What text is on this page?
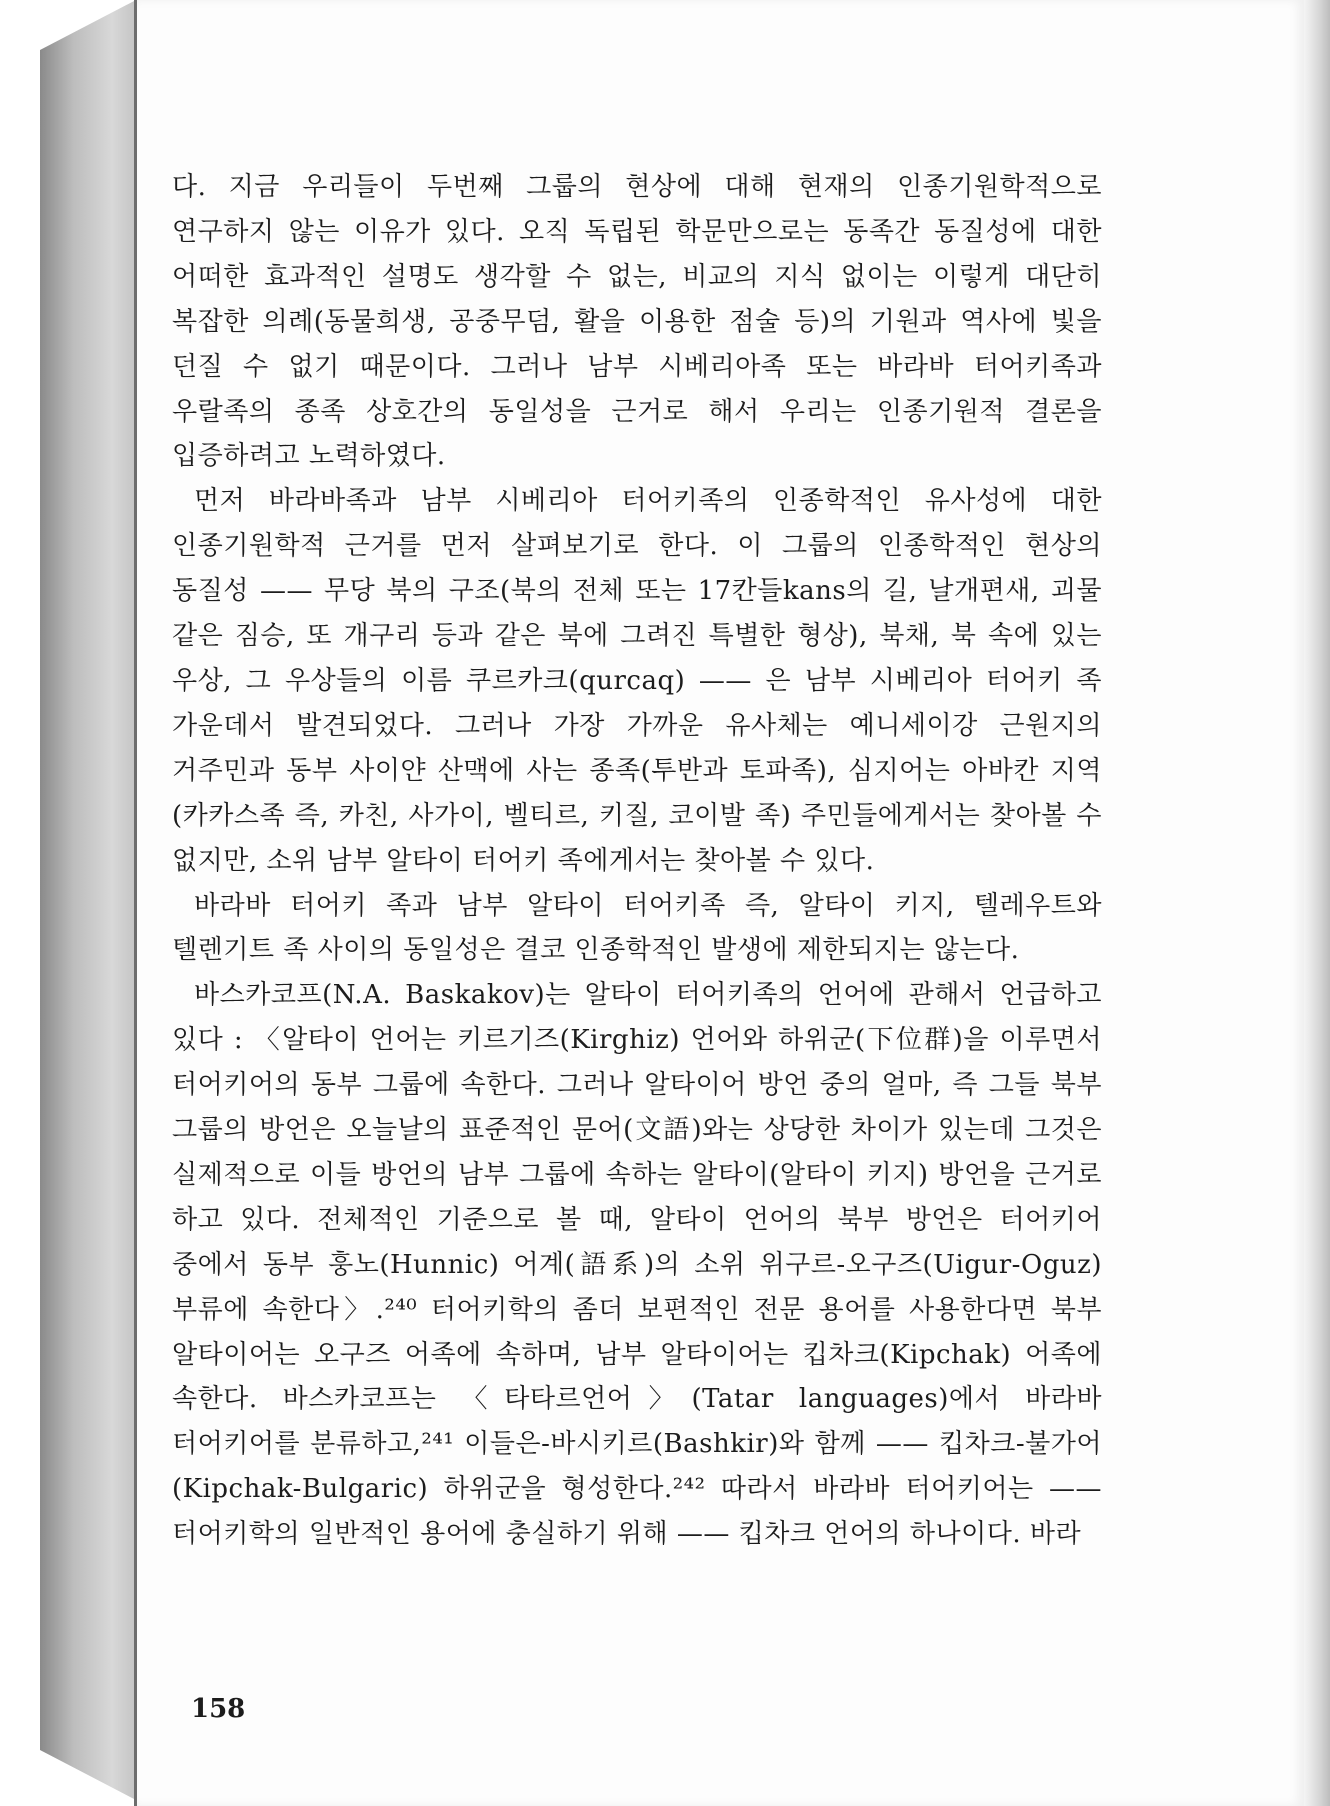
다. 지금 우리들이 두번째 그룹의 현상에 대해 현재의 인종기원학적으로 연구하지 않는 이유가 있다. 오직 독립된 학문만으로는 동족간 동질성에 대한 어떠한 효과적인 설명도 생각할 수 없는, 비교의 지식 없이는 이렇게 대단히 복잡한 의례(동물희생, 공중무덤, 활을 이용한 점술 등)의 기원과 역사에 빛을 던질 수 없기 때문이다. 그러나 남부 시베리아족 또는 바라바 터어키족과 우랄족의 종족 상호간의 동일성을 근거로 해서 우리는 인종기원적 결론을 입증하려고 노력하였다.

먼저 바라바족과 남부 시베리아 터어키족의 인종학적인 유사성에 대한 인종기원학적 근거를 먼저 살펴보기로 한다. 이 그룹의 인종학적인 현상의 동질성 —— 무당 북의 구조(북의 전체 또는 17칸들kans의 길, 날개편새, 괴물 같은 짐승, 또 개구리 등과 같은 북에 그려진 특별한 형상), 북채, 북 속에 있는 우상, 그 우상들의 이름 쿠르카크(qurcaq) —— 은 남부 시베리아 터어키 족 가운데서 발견되었다. 그러나 가장 가까운 유사체는 예니세이강 근원지의 거주민과 동부 사이얀 산맥에 사는 종족(투반과 토파족), 심지어는 아바칸 지역 (카카스족 즉, 카친, 사가이, 벨티르, 키질, 코이발 족) 주민들에게서는 찾아볼 수 없지만, 소위 남부 알타이 터어키 족에게서는 찾아볼 수 있다.

바라바 터어키 족과 남부 알타이 터어키족 즉, 알타이 키지, 텔레우트와 텔렌기트 족 사이의 동일성은 결코 인종학적인 발생에 제한되지는 않는다.

바스카코프(N.A. Baskakov)는 알타이 터어키족의 언어에 관해서 언급하고 있다 : 〈알타이 언어는 키르기즈(Kirghiz) 언어와 하위군(下位群)을 이루면서 터어키어의 동부 그룹에 속한다. 그러나 알타이어 방언 중의 얼마, 즉 그들 북부 그룹의 방언은 오늘날의 표준적인 문어(文語)와는 상당한 차이가 있는데 그것은 실제적으로 이들 방언의 남부 그룹에 속하는 알타이(알타이 키지) 방언을 근거로 하고 있다. 전체적인 기준으로 볼 때, 알타이 언어의 북부 방언은 터어키어 중에서 동부 훙노(Hunnic) 어계(語系)의 소위 위구르-오구즈(Uigur-Oguz) 부류에 속한다〉.²⁴⁰ 터어키학의 좀더 보편적인 전문 용어를 사용한다면 북부 알타이어는 오구즈 어족에 속하며, 남부 알타이어는 킵차크(Kipchak) 어족에 속한다. 바스카코프는 〈타타르언어〉(Tatar languages)에서 바라바 터어키어를 분류하고,²⁴¹ 이들은-바시키르(Bashkir)와 함께 —— 킵차크-불가어(Kipchak-Bulgaric) 하위군을 형성한다.²⁴² 따라서 바라바 터어키어는 —— 터어키학의 일반적인 용어에 충실하기 위해 —— 킵차크 언어의 하나이다. 바라

158
